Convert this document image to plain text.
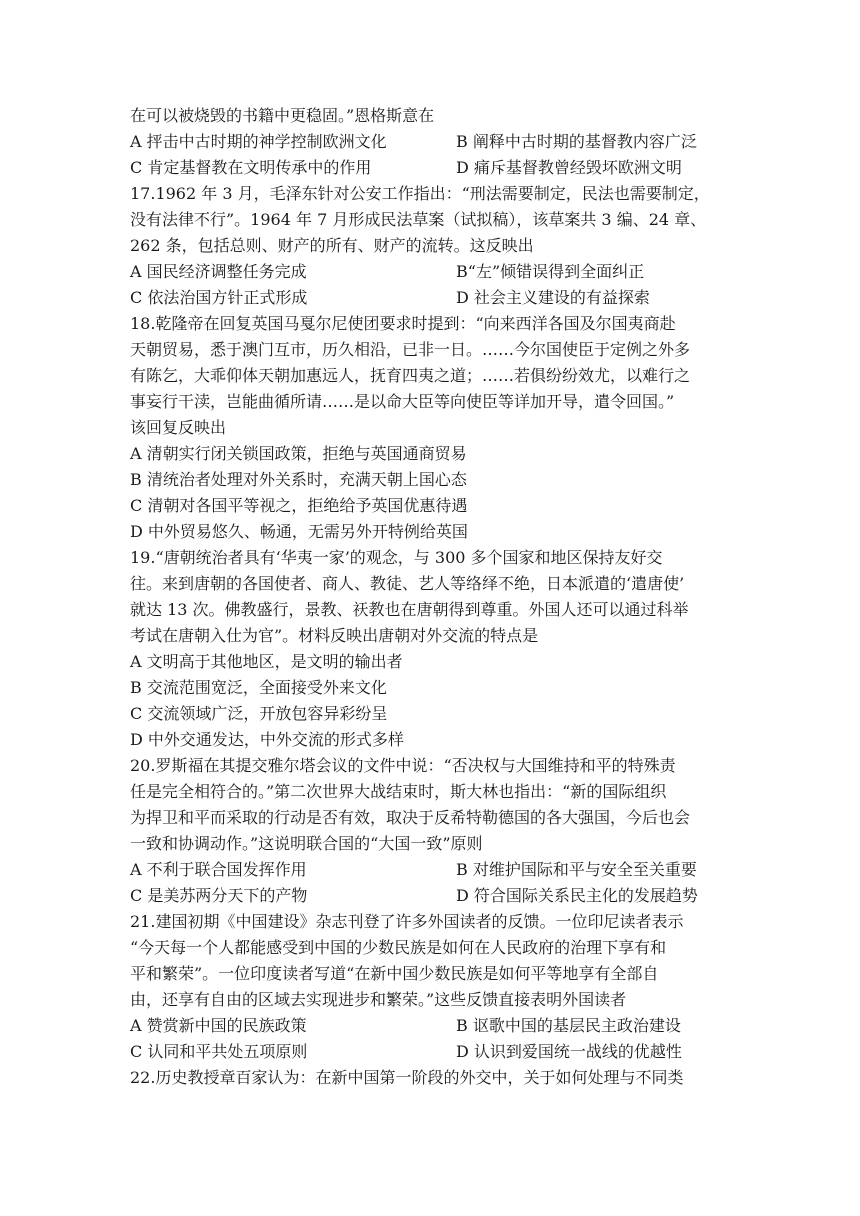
在可以被烧毁的书籍中更稳固。”恩格斯意在
A 抨击中古时期的神学控制欧洲文化	B 阐释中古时期的基督教内容广泛
C 肯定基督教在文明传承中的作用	D 痛斥基督教曾经毁坏欧洲文明
17.1962 年 3 月，毛泽东针对公安工作指出：“刑法需要制定，民法也需要制定，
没有法律不行”。1964 年 7 月形成民法草案（试拟稿），该草案共 3 编、24 章、
262 条，包括总则、财产的所有、财产的流转。这反映出
A 国民经济调整任务完成	B“左”倾错误得到全面纠正
C 依法治国方针正式形成	D 社会主义建设的有益探索
18.乾隆帝在回复英国马戛尔尼使团要求时提到：“向来西洋各国及尔国夷商赴
天朝贸易，悉于澳门互市，历久相沿，已非一日。……今尔国使臣于定例之外多
有陈乞，大乖仰体天朝加惠远人，抚育四夷之道；……若俱纷纷效尤，以难行之
事妄行干渎，岂能曲循所请……是以命大臣等向使臣等详加开导，遣令回国。”
该回复反映出
A 清朝实行闭关锁国政策，拒绝与英国通商贸易
B 清统治者处理对外关系时，充满天朝上国心态
C 清朝对各国平等视之，拒绝给予英国优惠待遇
D 中外贸易悠久、畅通，无需另外开特例给英国
19.“唐朝统治者具有‘华夷一家’的观念，与 300 多个国家和地区保持友好交
往。来到唐朝的各国使者、商人、教徒、艺人等络绎不绝，日本派遣的‘遣唐使’
就达 13 次。佛教盛行，景教、祆教也在唐朝得到尊重。外国人还可以通过科举
考试在唐朝入仕为官”。材料反映出唐朝对外交流的特点是
A 文明高于其他地区，是文明的输出者
B 交流范围宽泛，全面接受外来文化
C 交流领域广泛，开放包容异彩纷呈
D 中外交通发达，中外交流的形式多样
20.罗斯福在其提交雅尔塔会议的文件中说：“否决权与大国维持和平的特殊责
任是完全相符合的。”第二次世界大战结束时，斯大林也指出：“新的国际组织
为捍卫和平而采取的行动是否有效，取决于反希特勒德国的各大强国，今后也会
一致和协调动作。”这说明联合国的“大国一致”原则
A 不利于联合国发挥作用	B 对维护国际和平与安全至关重要
C 是美苏两分天下的产物	D 符合国际关系民主化的发展趋势
21.建国初期《中国建设》杂志刊登了许多外国读者的反馈。一位印尼读者表示
“今天每一个人都能感受到中国的少数民族是如何在人民政府的治理下享有和
平和繁荣”。一位印度读者写道“在新中国少数民族是如何平等地享有全部自
由，还享有自由的区域去实现进步和繁荣。”这些反馈直接表明外国读者
A 赞赏新中国的民族政策	B 讴歌中国的基层民主政治建设
C 认同和平共处五项原则	D 认识到爱国统一战线的优越性
22.历史教授章百家认为：在新中国第一阶段的外交中，关于如何处理与不同类
